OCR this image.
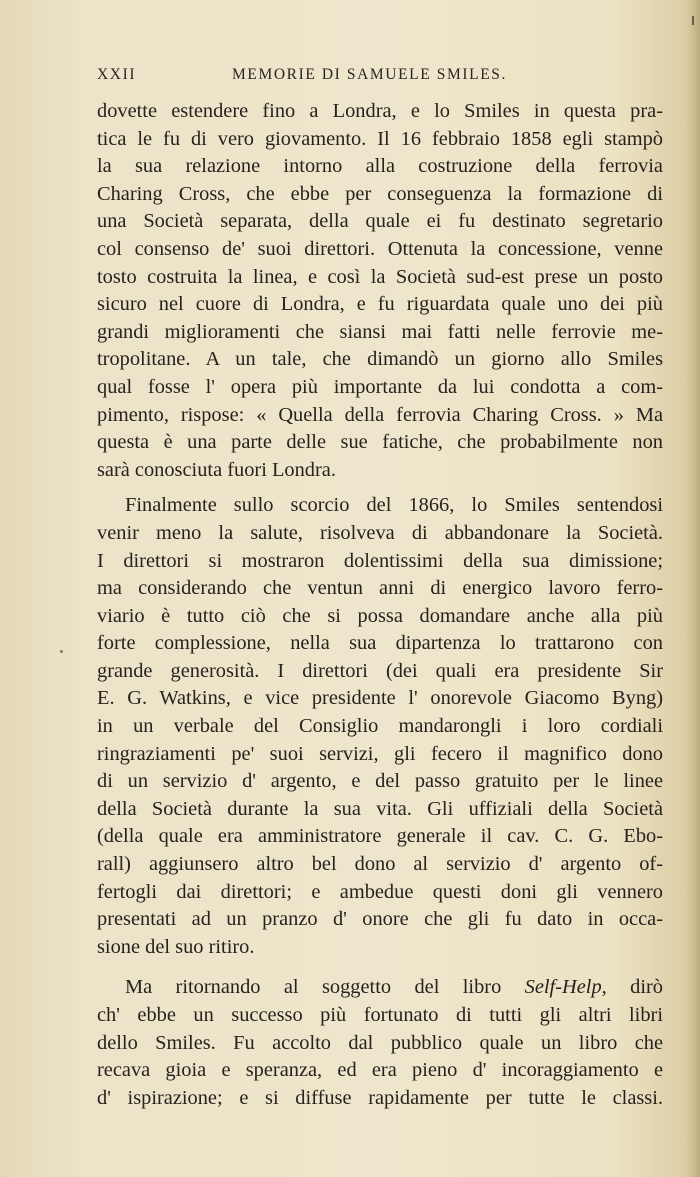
XXII	MEMORIE DI SAMUELE SMILES.
dovette estendere fino a Londra, e lo Smiles in questa pra-
tica le fu di vero giovamento. Il 16 febbraio 1858 egli stampò
la sua relazione intorno alla costruzione della ferrovia
Charing Cross, che ebbe per conseguenza la formazione di
una Società separata, della quale ei fu destinato segretario
col consenso de' suoi direttori. Ottenuta la concessione, venne
tosto costruita la linea, e così la Società sud-est prese un posto
sicuro nel cuore di Londra, e fu riguardata quale uno dei più
grandi miglioramenti che siansi mai fatti nelle ferrovie me-
tropolitane. A un tale, che dimandò un giorno allo Smiles
qual fosse l' opera più importante da lui condotta a com-
pimento, rispose: « Quella della ferrovia Charing Cross. » Ma
questa è una parte delle sue fatiche, che probabilmente non
sarà conosciuta fuori Londra.
Finalmente sullo scorcio del 1866, lo Smiles sentendosi
venir meno la salute, risolveva di abbandonare la Società.
I direttori si mostraron dolentissimi della sua dimissione;
ma considerando che ventun anni di energico lavoro ferro-
viario è tutto ciò che si possa domandare anche alla più
forte complessione, nella sua dipartenza lo trattarono con
grande generosità. I direttori (dei quali era presidente Sir
E. G. Watkins, e vice presidente l' onorevole Giacomo Byng)
in un verbale del Consiglio mandarongli i loro cordiali
ringraziamenti pe' suoi servizi, gli fecero il magnifico dono
di un servizio d' argento, e del passo gratuito per le linee
della Società durante la sua vita. Gli uffiziali della Società
(della quale era amministratore generale il cav. C. G. Ebo-
rall) aggiunsero altro bel dono al servizio d' argento of-
fertogli dai direttori; e ambedue questi doni gli vennero
presentati ad un pranzo d' onore che gli fu dato in occa-
sione del suo ritiro.
Ma ritornando al soggetto del libro Self-Help, dirò
ch' ebbe un successo più fortunato di tutti gli altri libri
dello Smiles. Fu accolto dal pubblico quale un libro che
recava gioia e speranza, ed era pieno d' incoraggiamento e
d' ispirazione; e si diffuse rapidamente per tutte le classi.
